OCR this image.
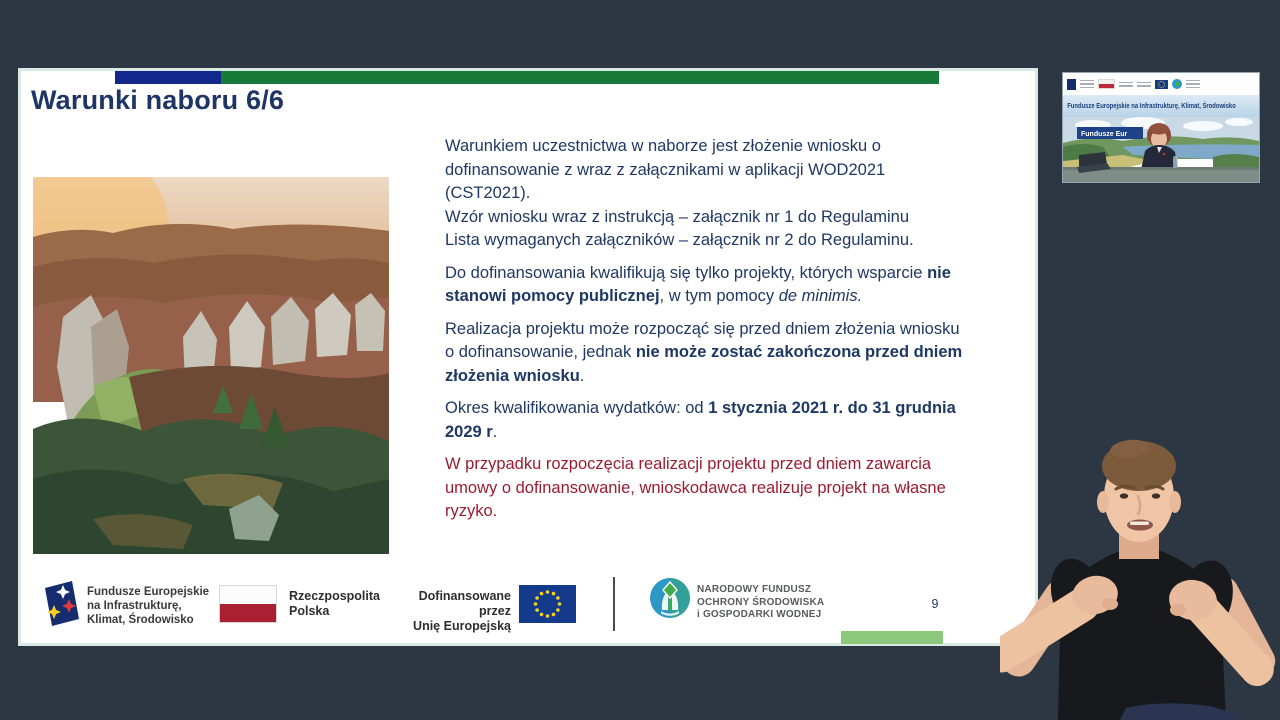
Warunki naboru 6/6

Warunkiem uczestnictwa w naborze jest złożenie wniosku o dofinansowanie z wraz z załącznikami w aplikacji WOD2021 (CST2021).
Wzór wniosku wraz z instrukcją – załącznik nr 1 do Regulaminu
Lista wymaganych załączników – załącznik nr 2 do Regulaminu.

Do dofinansowania kwalifikują się tylko projekty, których wsparcie nie stanowi pomocy publicznej, w tym pomocy de minimis.

Realizacja projektu może rozpocząć się przed dniem złożenia wniosku o dofinansowanie, jednak nie może zostać zakończona przed dniem złożenia wniosku.

Okres kwalifikowania wydatków: od 1 stycznia 2021 r. do 31 grudnia 2029 r.

W przypadku rozpoczęcia realizacji projektu przed dniem zawarcia umowy o dofinansowanie, wnioskodawca realizuje projekt na własne ryzyko.

Fundusze Europejskie
na Infrastrukturę,
Klimat, Środowisko
Rzeczpospolita
Polska
Dofinansowane przez
Unię Europejską
NARODOWY FUNDUSZ
OCHRONY ŚRODOWISKA
i GOSPODARKI WODNEJ
9
Fundusze Europejskie na Infrastrukturę, Klimat, Środowisko
Fundusze Eur
